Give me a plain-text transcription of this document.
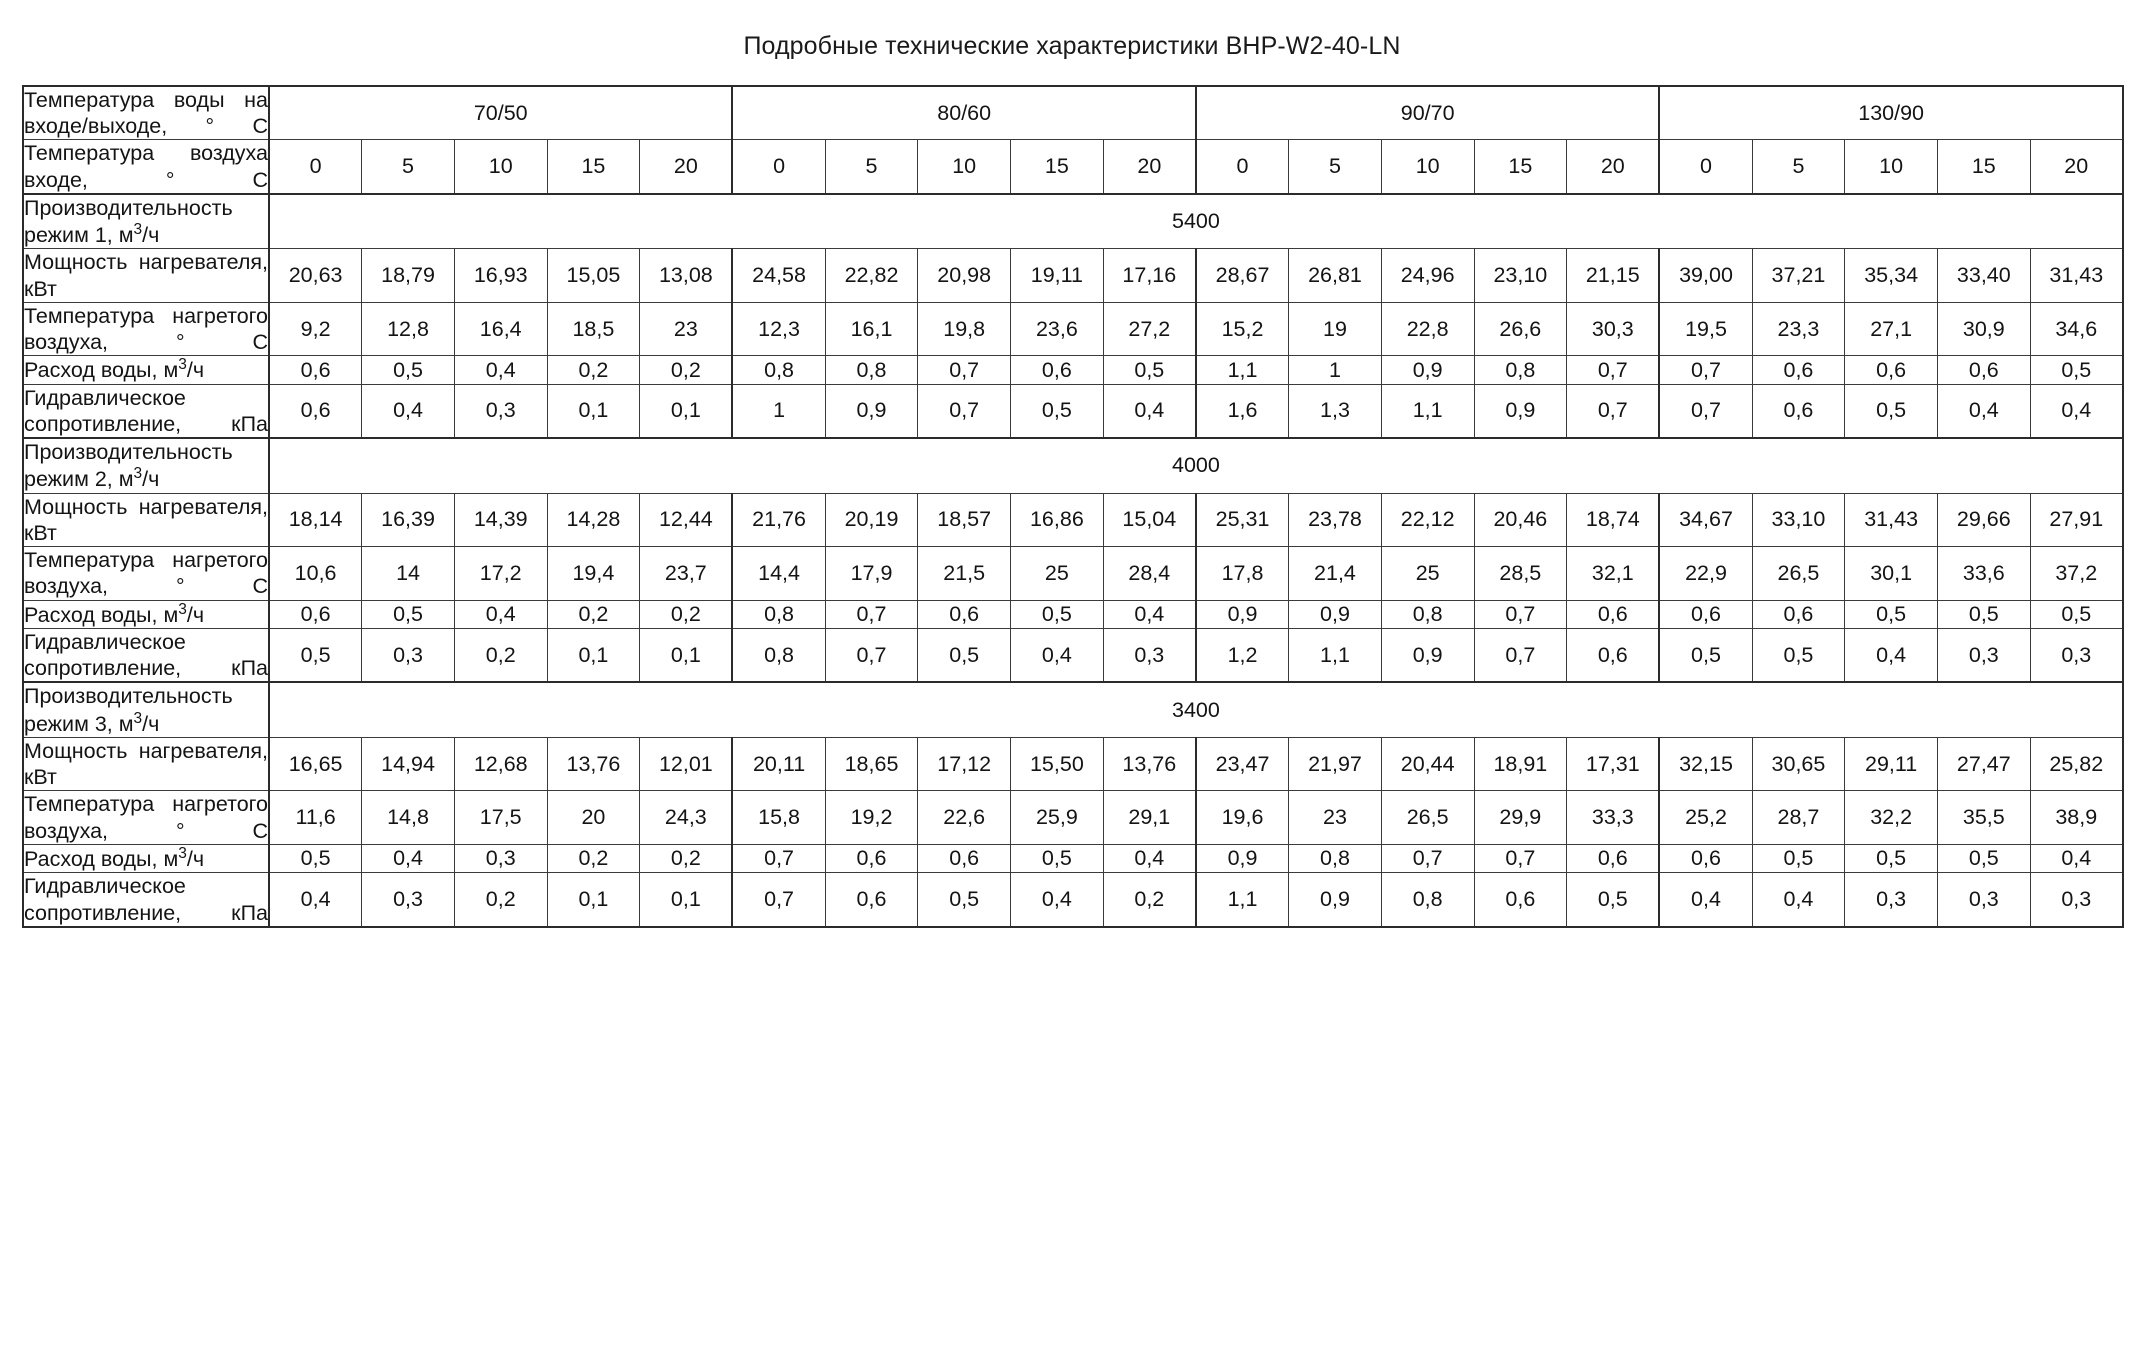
Подробные технические характеристики BHP-W2-40-LN
Температура воды на входе/выходе, ° С	70/50					80/60					90/70					130/90				
Температура воздуха входе, ° С	0	5	10	15	20	0	5	10	15	20	0	5	10	15	20	0	5	10	15	20
Производительность режим 1, $м^3/ч$	5400																			
Мощность нагревателя, кВт	20,63	18,79	16,93	15,05	13,08	24,58	22,82	20,98	19,11	17,16	28,67	26,81	24,96	23,10	21,15	39,00	37,21	35,34	33,40	31,43
Температура нагретого воздуха, ° С	9,2	12,8	16,4	18,5	23	12,3	16,1	19,8	23,6	27,2	15,2	19	22,8	26,6	30,3	19,5	23,3	27,1	30,9	34,6
Расход воды, $м^3/ч$	0,6	0,5	0,4	0,2	0,2	0,8	0,8	0,7	0,6	0,5	1,1	1	0,9	0,8	0,7	0,7	0,6	0,6	0,6	0,5
Гидравлическое сопротивление, кПа	0,6	0,4	0,3	0,1	0,1	1	0,9	0,7	0,5	0,4	1,6	1,3	1,1	0,9	0,7	0,7	0,6	0,5	0,4	0,4
Производительность режим 2, $м^3/ч$	4000																			
Мощность нагревателя, кВт	18,14	16,39	14,39	14,28	12,44	21,76	20,19	18,57	16,86	15,04	25,31	23,78	22,12	20,46	18,74	34,67	33,10	31,43	29,66	27,91
Температура нагретого воздуха, ° С	10,6	14	17,2	19,4	23,7	14,4	17,9	21,5	25	28,4	17,8	21,4	25	28,5	32,1	22,9	26,5	30,1	33,6	37,2
Расход воды, $м^3/ч$	0,6	0,5	0,4	0,2	0,2	0,8	0,7	0,6	0,5	0,4	0,9	0,9	0,8	0,7	0,6	0,6	0,6	0,5	0,5	0,5
Гидравлическое сопротивление, кПа	0,5	0,3	0,2	0,1	0,1	0,8	0,7	0,5	0,4	0,3	1,2	1,1	0,9	0,7	0,6	0,5	0,5	0,4	0,3	0,3
Производительность режим 3, $м^3/ч$	3400																			
Мощность нагревателя, кВт	16,65	14,94	12,68	13,76	12,01	20,11	18,65	17,12	15,50	13,76	23,47	21,97	20,44	18,91	17,31	32,15	30,65	29,11	27,47	25,82
Температура нагретого воздуха, ° С	11,6	14,8	17,5	20	24,3	15,8	19,2	22,6	25,9	29,1	19,6	23	26,5	29,9	33,3	25,2	28,7	32,2	35,5	38,9
Расход воды, $м^3/ч$	0,5	0,4	0,3	0,2	0,2	0,7	0,6	0,6	0,5	0,4	0,9	0,8	0,7	0,7	0,6	0,6	0,5	0,5	0,5	0,4
Гидравлическое сопротивление, кПа	0,4	0,3	0,2	0,1	0,1	0,7	0,6	0,5	0,4	0,2	1,1	0,9	0,8	0,6	0,5	0,4	0,4	0,3	0,3	0,3
